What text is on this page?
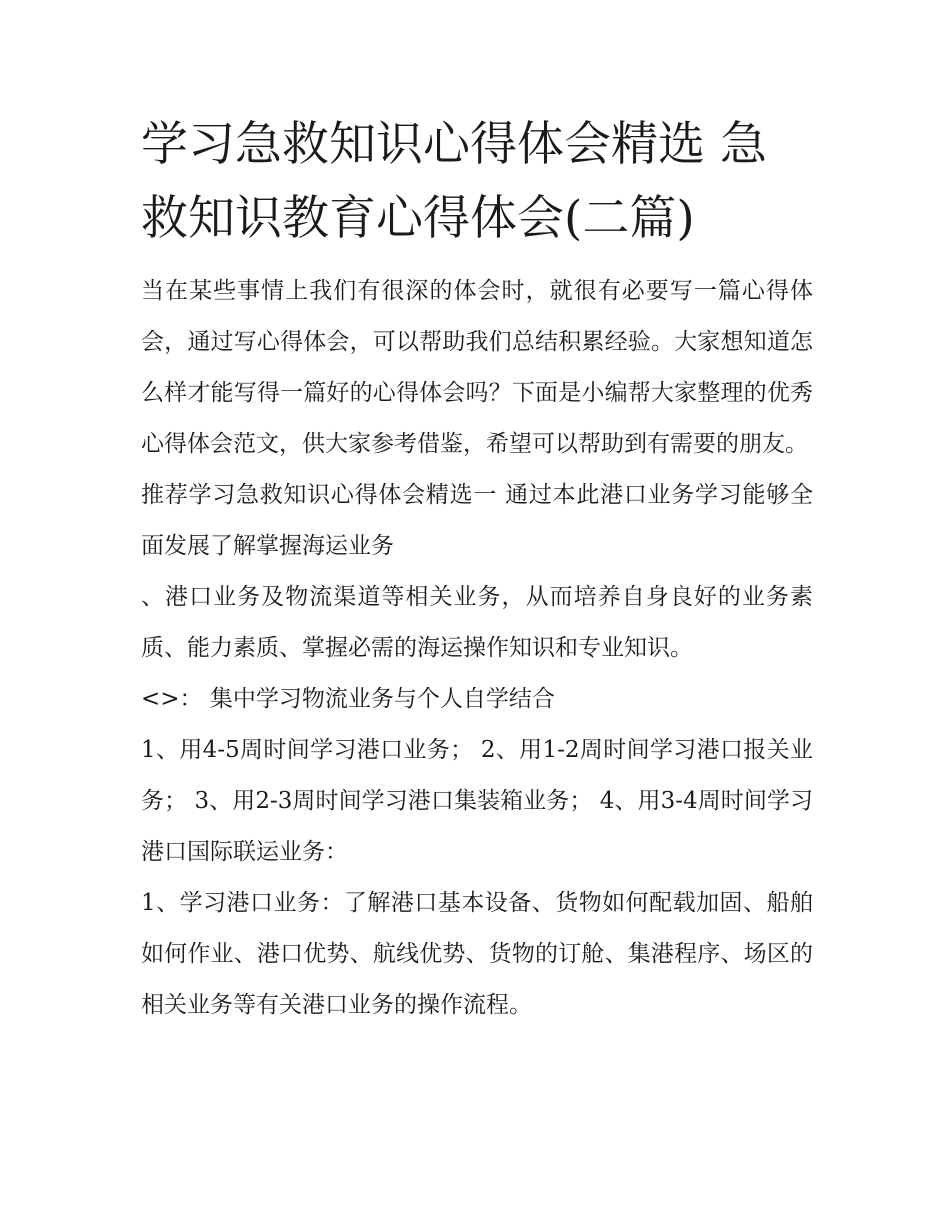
学习急救知识心得体会精选 急救知识教育心得体会(二篇)

当在某些事情上我们有很深的体会时，就很有必要写一篇心得体会，通过写心得体会，可以帮助我们总结积累经验。大家想知道怎么样才能写得一篇好的心得体会吗？下面是小编帮大家整理的优秀心得体会范文，供大家参考借鉴，希望可以帮助到有需要的朋友。

推荐学习急救知识心得体会精选一 通过本此港口业务学习能够全面发展了解掌握海运业务

、港口业务及物流渠道等相关业务，从而培养自身良好的业务素质、能力素质、掌握必需的海运操作知识和专业知识。

<>： 集中学习物流业务与个人自学结合

1、用4-5周时间学习港口业务； 2、用1-2周时间学习港口报关业务； 3、用2-3周时间学习港口集装箱业务； 4、用3-4周时间学习港口国际联运业务：

1、学习港口业务：了解港口基本设备、货物如何配载加固、船舶如何作业、港口优势、航线优势、货物的订舱、集港程序、场区的相关业务等有关港口业务的操作流程。
